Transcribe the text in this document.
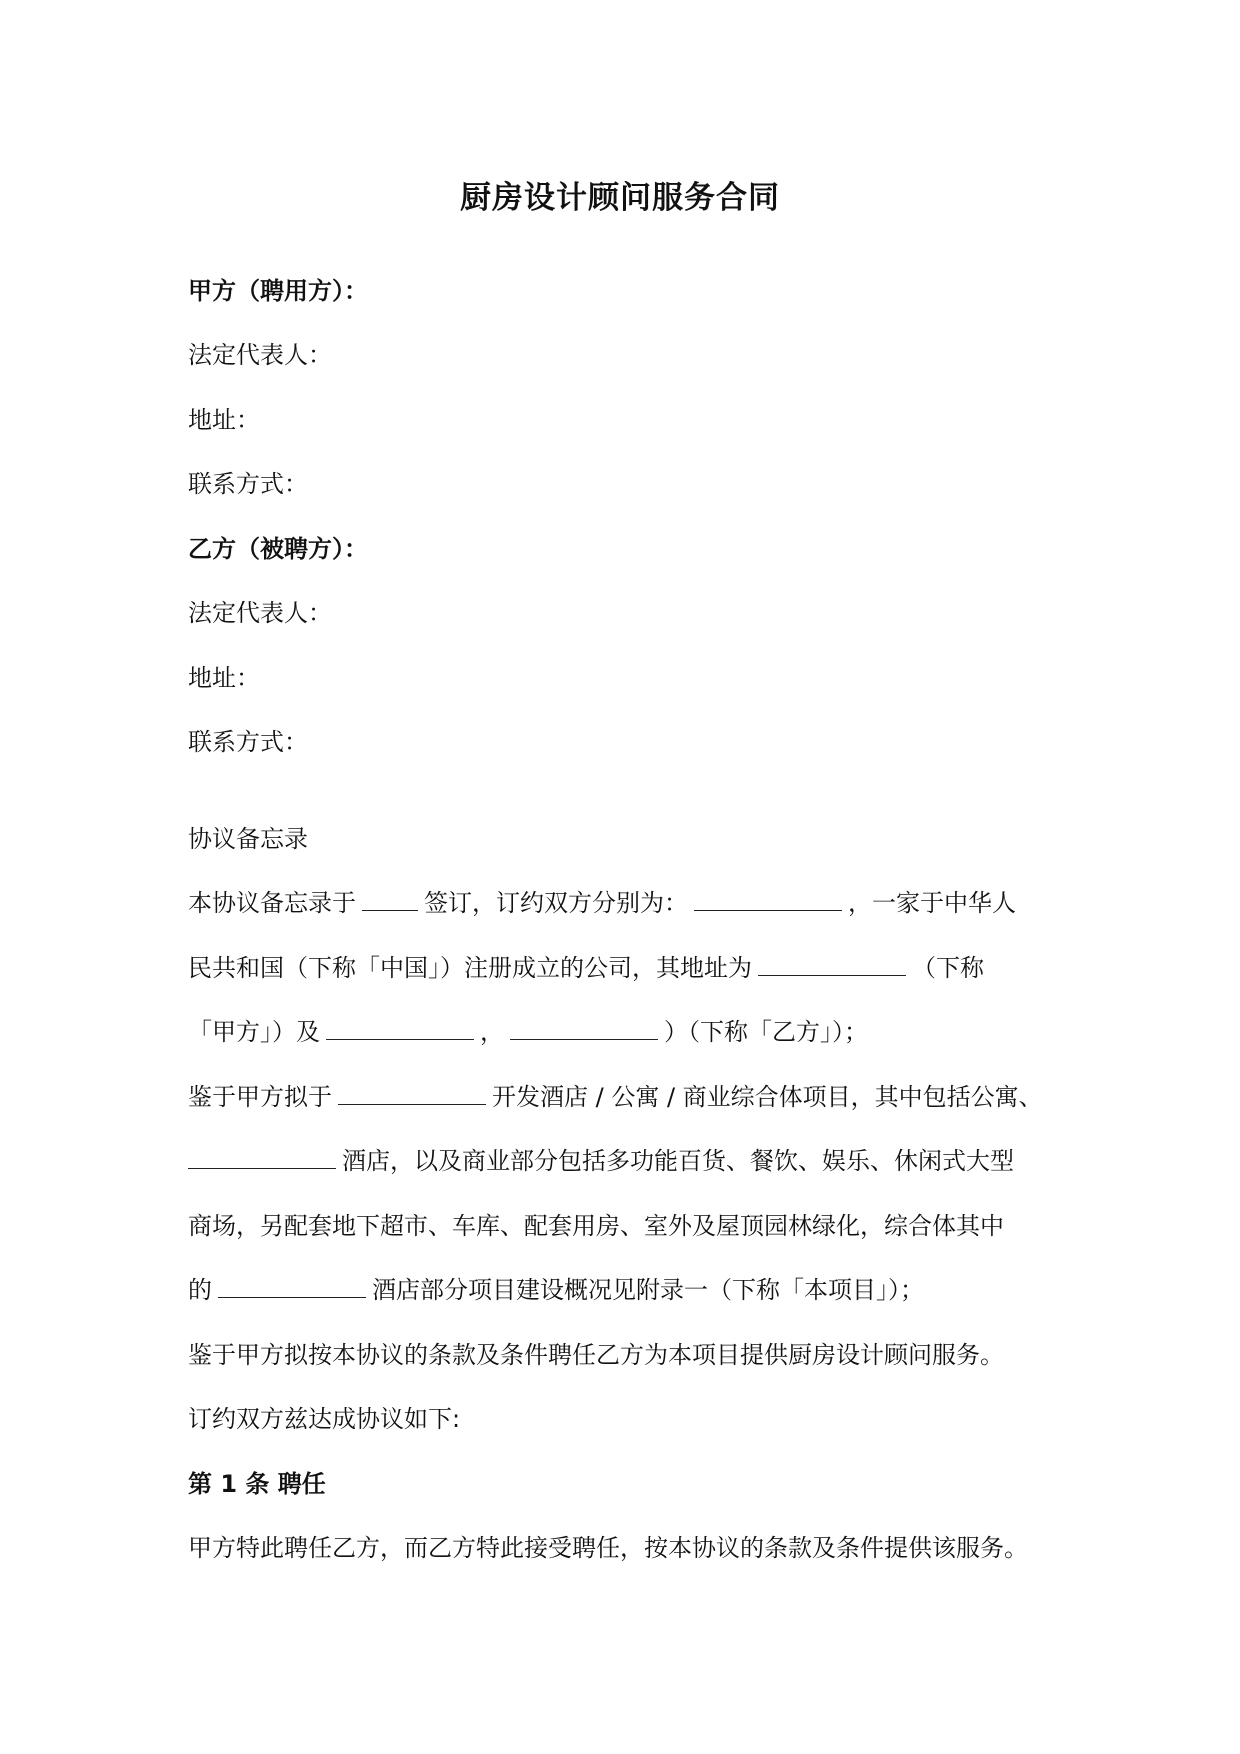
厨房设计顾问服务合同
甲方（聘用方）：
法定代表人：
地址：
联系方式：
乙方（被聘方）：
法定代表人：
地址：
联系方式：
协议备忘录
本协议备忘录于	签订，订约双方分别为：	，一家于中华人
民共和国（下称「中国」）注册成立的公司，其地址为	（下称
「甲方」）及	，	）（下称「乙方」）；
鉴于甲方拟于	开发酒店 / 公寓 / 商业综合体项目，其中包括公寓、
酒店，以及商业部分包括多功能百货、餐饮、娱乐、休闲式大型
商场，另配套地下超市、车库、配套用房、室外及屋顶园林绿化，综合体其中
的	酒店部分项目建设概况见附录一（下称「本项目」）；
鉴于甲方拟按本协议的条款及条件聘任乙方为本项目提供厨房设计顾问服务。
订约双方兹达成协议如下:
第 1 条 聘任
甲方特此聘任乙方，而乙方特此接受聘任，按本协议的条款及条件提供该服务。
